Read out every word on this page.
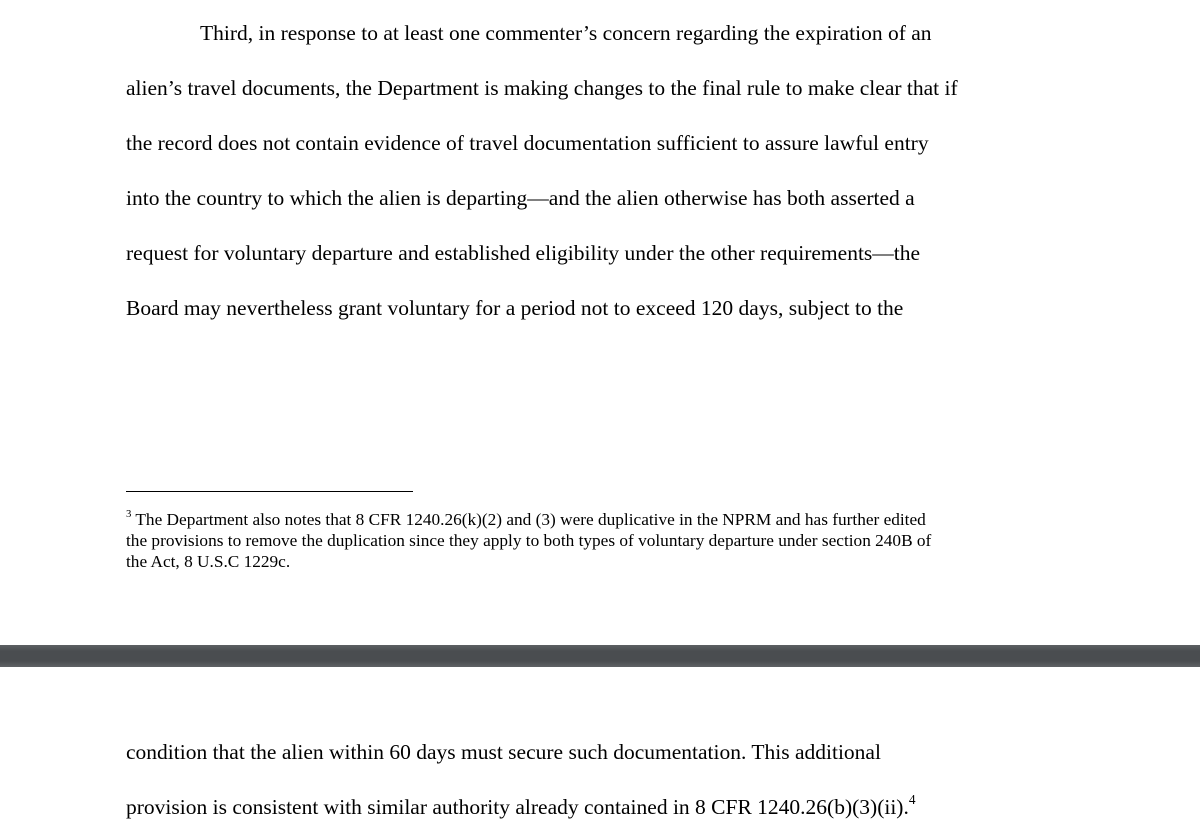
Third, in response to at least one commenter’s concern regarding the expiration of an

alien’s travel documents, the Department is making changes to the final rule to make clear that if

the record does not contain evidence of travel documentation sufficient to assure lawful entry

into the country to which the alien is departing—and the alien otherwise has both asserted a

request for voluntary departure and established eligibility under the other requirements—the

Board may nevertheless grant voluntary for a period not to exceed 120 days, subject to the

$^3$ The Department also notes that 8 CFR 1240.26(k)(2) and (3) were duplicative in the NPRM and has further edited
the provisions to remove the duplication since they apply to both types of voluntary departure under section 240B of
the Act, 8 U.S.C 1229c.

condition that the alien within 60 days must secure such documentation. This additional

provision is consistent with similar authority already contained in 8 CFR 1240.26(b)(3)(ii).$^4$
